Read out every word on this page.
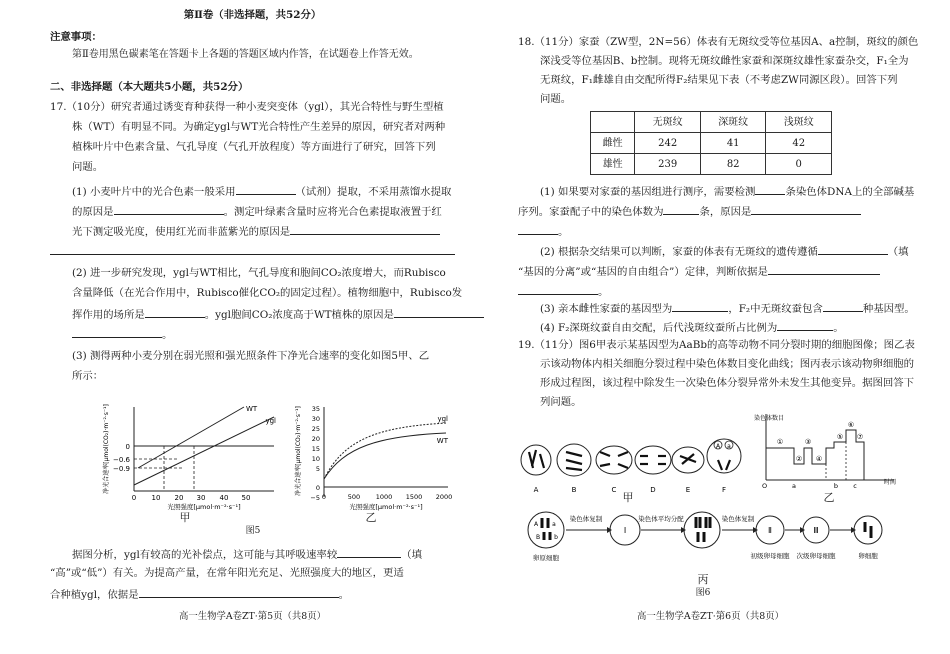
第Ⅱ卷（非选择题，共52分）
注意事项：
第Ⅱ卷用黑色碳素笔在答题卡上各题的答题区域内作答，在试题卷上作答无效。
二、非选择题（本大题共5小题，共52分）
17.（10分）研究者通过诱变育种获得一种小麦突变体（ygl），其光合特性与野生型植
株（WT）有明显不同。为确定ygl与WT光合特性产生差异的原因，研究者对两种
植株叶片中色素含量、气孔导度（气孔开放程度）等方面进行了研究，回答下列
问题。
(1) 小麦叶片中的光合色素一般采用	（试剂）提取，不采用蒸馏水提取
的原因是	。测定叶绿素含量时应将光合色素提取液置于红
光下测定吸光度，使用红光而非蓝紫光的原因是
(2) 进一步研究发现，ygl与WT相比，气孔导度和胞间CO₂浓度增大，而Rubisco
含量降低（在光合作用中，Rubisco催化CO₂的固定过程）。植物细胞中，Rubisco发
挥作用的场所是	。ygl胞间CO₂浓度高于WT植株的原因是
。
(3) 测得两种小麦分别在弱光照和强光照条件下净光合速率的变化如图5甲、乙
所示：
0
−0.6
−0.9
0 10 20 30 40 50
光照强度[μmol·m⁻²·s⁻¹]
净光合速率[μmol(CO₂)·m⁻²·s⁻¹]	WT
ygl
甲
35
30
25
20
15
10
5
0
−5 0	500 1000 1500 2000
光照强度[μmol·m⁻²·s⁻¹]
净光合速率[μmol(CO₂)·m⁻²·s⁻¹]	ygl
WT
乙
图5
据图分析，ygl有较高的光补偿点，这可能与其呼吸速率较	（填
“高”或“低”）有关。为提高产量，在常年阳光充足、光照强度大的地区，更适
合种植ygl，依据是	。
高一生物学A卷ZT·第5页（共8页）
18.（11分）家蚕（ZW型，2N=56）体表有无斑纹受等位基因A、a控制，斑纹的颜色
深浅受等位基因B、b控制。现将无斑纹雌性家蚕和深斑纹雄性家蚕杂交，F₁全为
无斑纹，F₁雌雄自由交配所得F₂结果见下表（不考虑ZW同源区段）。回答下列
问题。
	无斑纹	深斑纹	浅斑纹
雌性	242	41	42
雄性	239	82	0
(1) 如果要对家蚕的基因组进行测序，需要检测	条染色体DNA上的全部碱基
序列。家蚕配子中的染色体数为	条，原因是
。
(2) 根据杂交结果可以判断，家蚕的体表有无斑纹的遗传遵循	（填
“基因的分离”或“基因的自由组合”）定律，判断依据是
。
(3) 亲本雌性家蚕的基因型为	，F₂中无斑纹蚕包含	种基因型。
(4) F₂深斑纹蚕自由交配，后代浅斑纹蚕所占比例为	。
19.（11分）图6甲表示某基因型为AaBb的高等动物不同分裂时期的细胞图像；图乙表
示该动物体内相关细胞分裂过程中染色体数目变化曲线；图丙表示该动物卵细胞的
形成过程图，该过程中除发生一次染色体分裂异常外未发生其他变异。据图回答下
列问题。
A a
A	B	C	D	E	F
甲
染色体数目
O	时间
①
②
③
④
⑤
⑥
⑦
a	b c
乙
A a
B b
Ⅰ	Ⅱ	Ⅲ
染色体复制	染色体平均分配	染色体复制
卵原细胞	初级卵母细胞 次级卵母细胞	卵细胞
丙
图6
高一生物学A卷ZT·第6页（共8页）
